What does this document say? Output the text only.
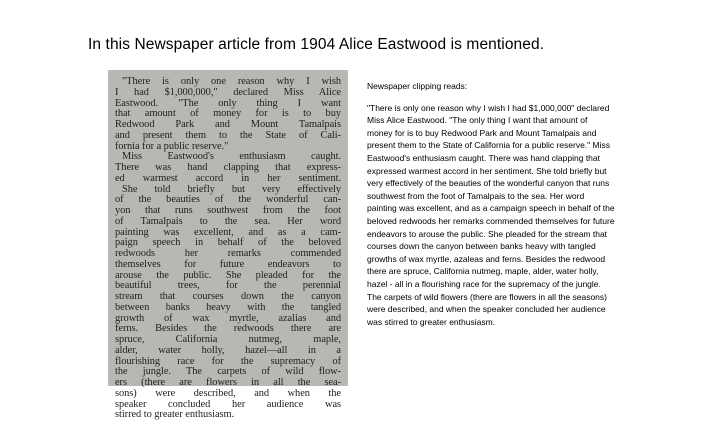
In this Newspaper article from 1904 Alice Eastwood is mentioned.
"There is only one reason why I wish
I had $1,000,000," declared Miss Alice
Eastwood. "The only thing I want
that amount of money for is to buy
Redwood Park and Mount Tamalpais
and present them to the State of Cali-
fornia for a public reserve."
Miss Eastwood's enthusiasm caught.
There was hand clapping that express-
ed warmest accord in her sentiment.
She told briefly but very effectively
of the beauties of the wonderful can-
yon that runs southwest from the foot
of Tamalpais to the sea. Her word
painting was excellent, and as a cam-
paign speech in behalf of the beloved
redwoods her remarks commended
themselves for future endeavors to
arouse the public. She pleaded for the
beautiful trees, for the perennial
stream that courses down the canyon
between banks heavy with the tangled
growth of wax myrtle, azalias and
ferns. Besides the redwoods there are
spruce, California nutmeg, maple,
alder, water holly, hazel—all in a
flourishing race for the supremacy of
the jungle. The carpets of wild flow-
ers (there are flowers in all the sea-
sons) were described, and when the
speaker concluded her audience was
stirred to greater enthusiasm.

Newspaper clipping reads:

"There is only one reason why I wish I had $1,000,000" declared Miss Alice Eastwood. "The only thing I want that amount of money for is to buy Redwood Park and Mount Tamalpais and present them to the State of California for a public reserve." Miss Eastwood's enthusiasm caught. There was hand clapping that expressed warmest accord in her sentiment. She told briefly but very effectively of the beauties of the wonderful canyon that runs southwest from the foot of Tamalpais to the sea. Her word painting was excellent, and as a campaign speech in behalf of the beloved redwoods her remarks commended themselves for future endeavors to arouse the public. She pleaded for the stream that courses down the canyon between banks heavy with tangled growths of wax myrtle, azaleas and ferns. Besides the redwood there are spruce, California nutmeg, maple, alder, water holly, hazel - all in a flourishing race for the supremacy of the jungle. The carpets of wild flowers (there are flowers in all the seasons) were described, and when the speaker concluded her audience was stirred to greater enthusiasm.
